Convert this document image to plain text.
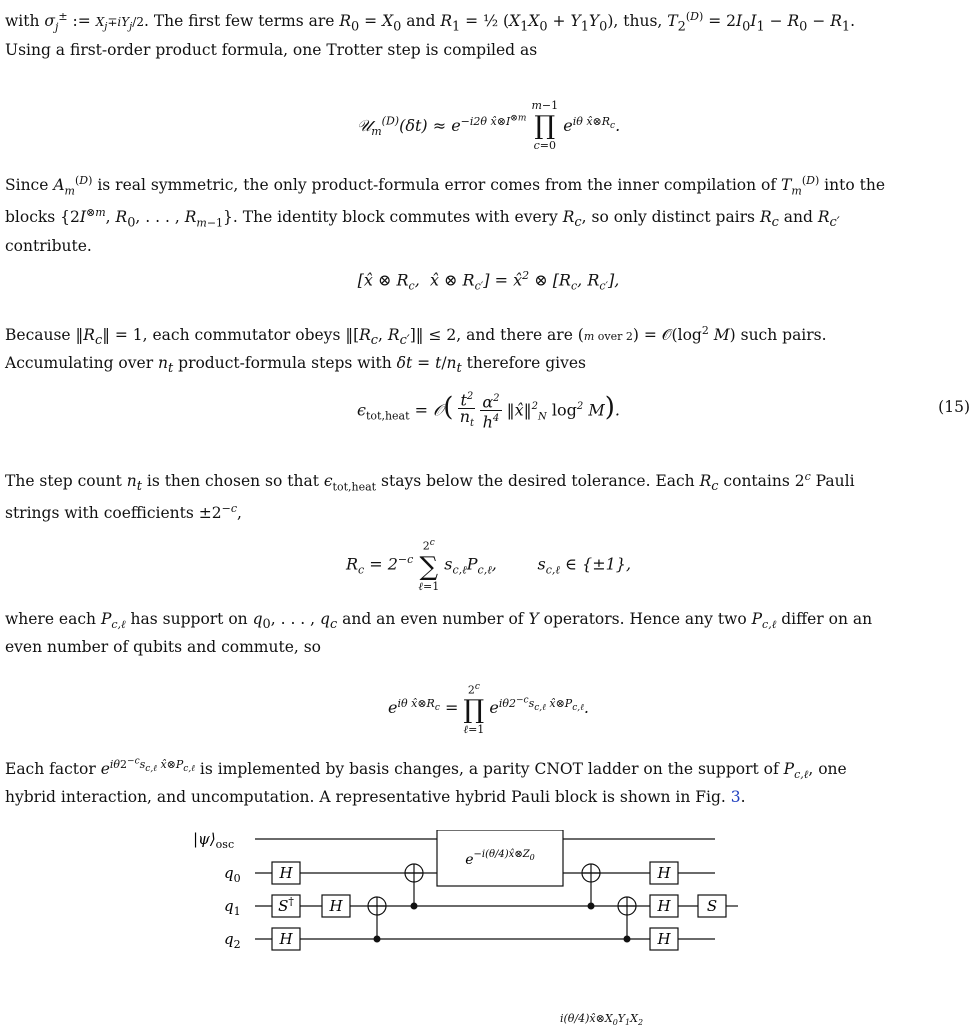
with $\sigma_j^\pm$ := $X_j\mp iY_j/2$. The first few terms are $R_0 = X_0$ and $R_1$ = ½ $(X_1X_0 + Y_1Y_0)$, thus, $T_2^{(D)} = 2I_0I_1 - R_0 - R_1$.
Using a first-order product formula, one Trotter step is compiled as
𝒰$_m^{(D)}$(δt) ≈ $e^{-i2\theta x̂\otimes I^{\otimes m}}$
m−1
∏
c=0
$e^{i\theta x̂\otimes R_c}$.
Since $A_m^{(D)}$ is real symmetric, the only product-formula error comes from the inner compilation of $T_m^{(D)}$ into the
blocks {$2I^{\otimes m}$, $R_0$, . . . , $R_{m-1}$}. The identity block commutes with every $R_c$, so only distinct pairs $R_c$ and $R_{c'}$
contribute.
[x̂ ⊗ $R_c$,  x̂ ⊗ $R_{c'}$] = x̂$^2$ ⊗ [$R_c$, $R_{c'}$],
Because $‖R_c‖ = 1$, each commutator obeys $‖[R_c$, $R_{c'}]‖ \le 2$, and there are (m over $2) = 𝒪(\log^2$ M) such pairs.
Accumulating over $n_t$ product-formula steps with $\delta t = t/n_t$ therefore gives
$\epsilon_{tot,heat}$ = 𝒪( $\frac{t^2}{n_t}$
$\frac{\alpha^2}{h^4}$ ‖x̂‖$^2_N$ $\log^2 M$).	(15)
The step count $n_t$ is then chosen so that $\epsilon_{tot,heat}$ stays below the desired tolerance. Each $R_c$ contains 2$^c$ Pauli
strings with coefficients $\pm 2^{-c}$,
$R_c = 2^{-c}$
2$^c$
∑
ℓ=1
$s_{c,\ell}P_{c,\ell}$,        $s_{c,\ell}$ ∈ {±1},
where each $P_{c,\ell}$ has support on $q_0$, . . . , $q_c$ and an even number of Y operators. Hence any two $P_{c,\ell}$ differ on an
even number of qubits and commute, so
$e^{i\theta x̂\otimes R_c}$ =
2$^c$
∏
ℓ=1
$e^{i\theta 2^{-c}s_{c,\ell} x̂\otimes P_{c,\ell}}$.
Each factor $e^{i\theta 2^{-c}s_{c,\ell} x̂\otimes P_{c,\ell}}$ is implemented by basis changes, a parity CNOT ladder on the support of $P_{c,\ell}$, one
hybrid interaction, and uncomputation. A representative hybrid Pauli block is shown in Fig. 3.
$|\psi⟩_{osc}$
$q_0$
$q_1$
$q_2$
H
S† H
H
$e^{-i(\theta/4)x̂\otimes Z}_0$
H
H
H
S
$i(\theta/4)x̂\otimes X_0Y_1X_2$
